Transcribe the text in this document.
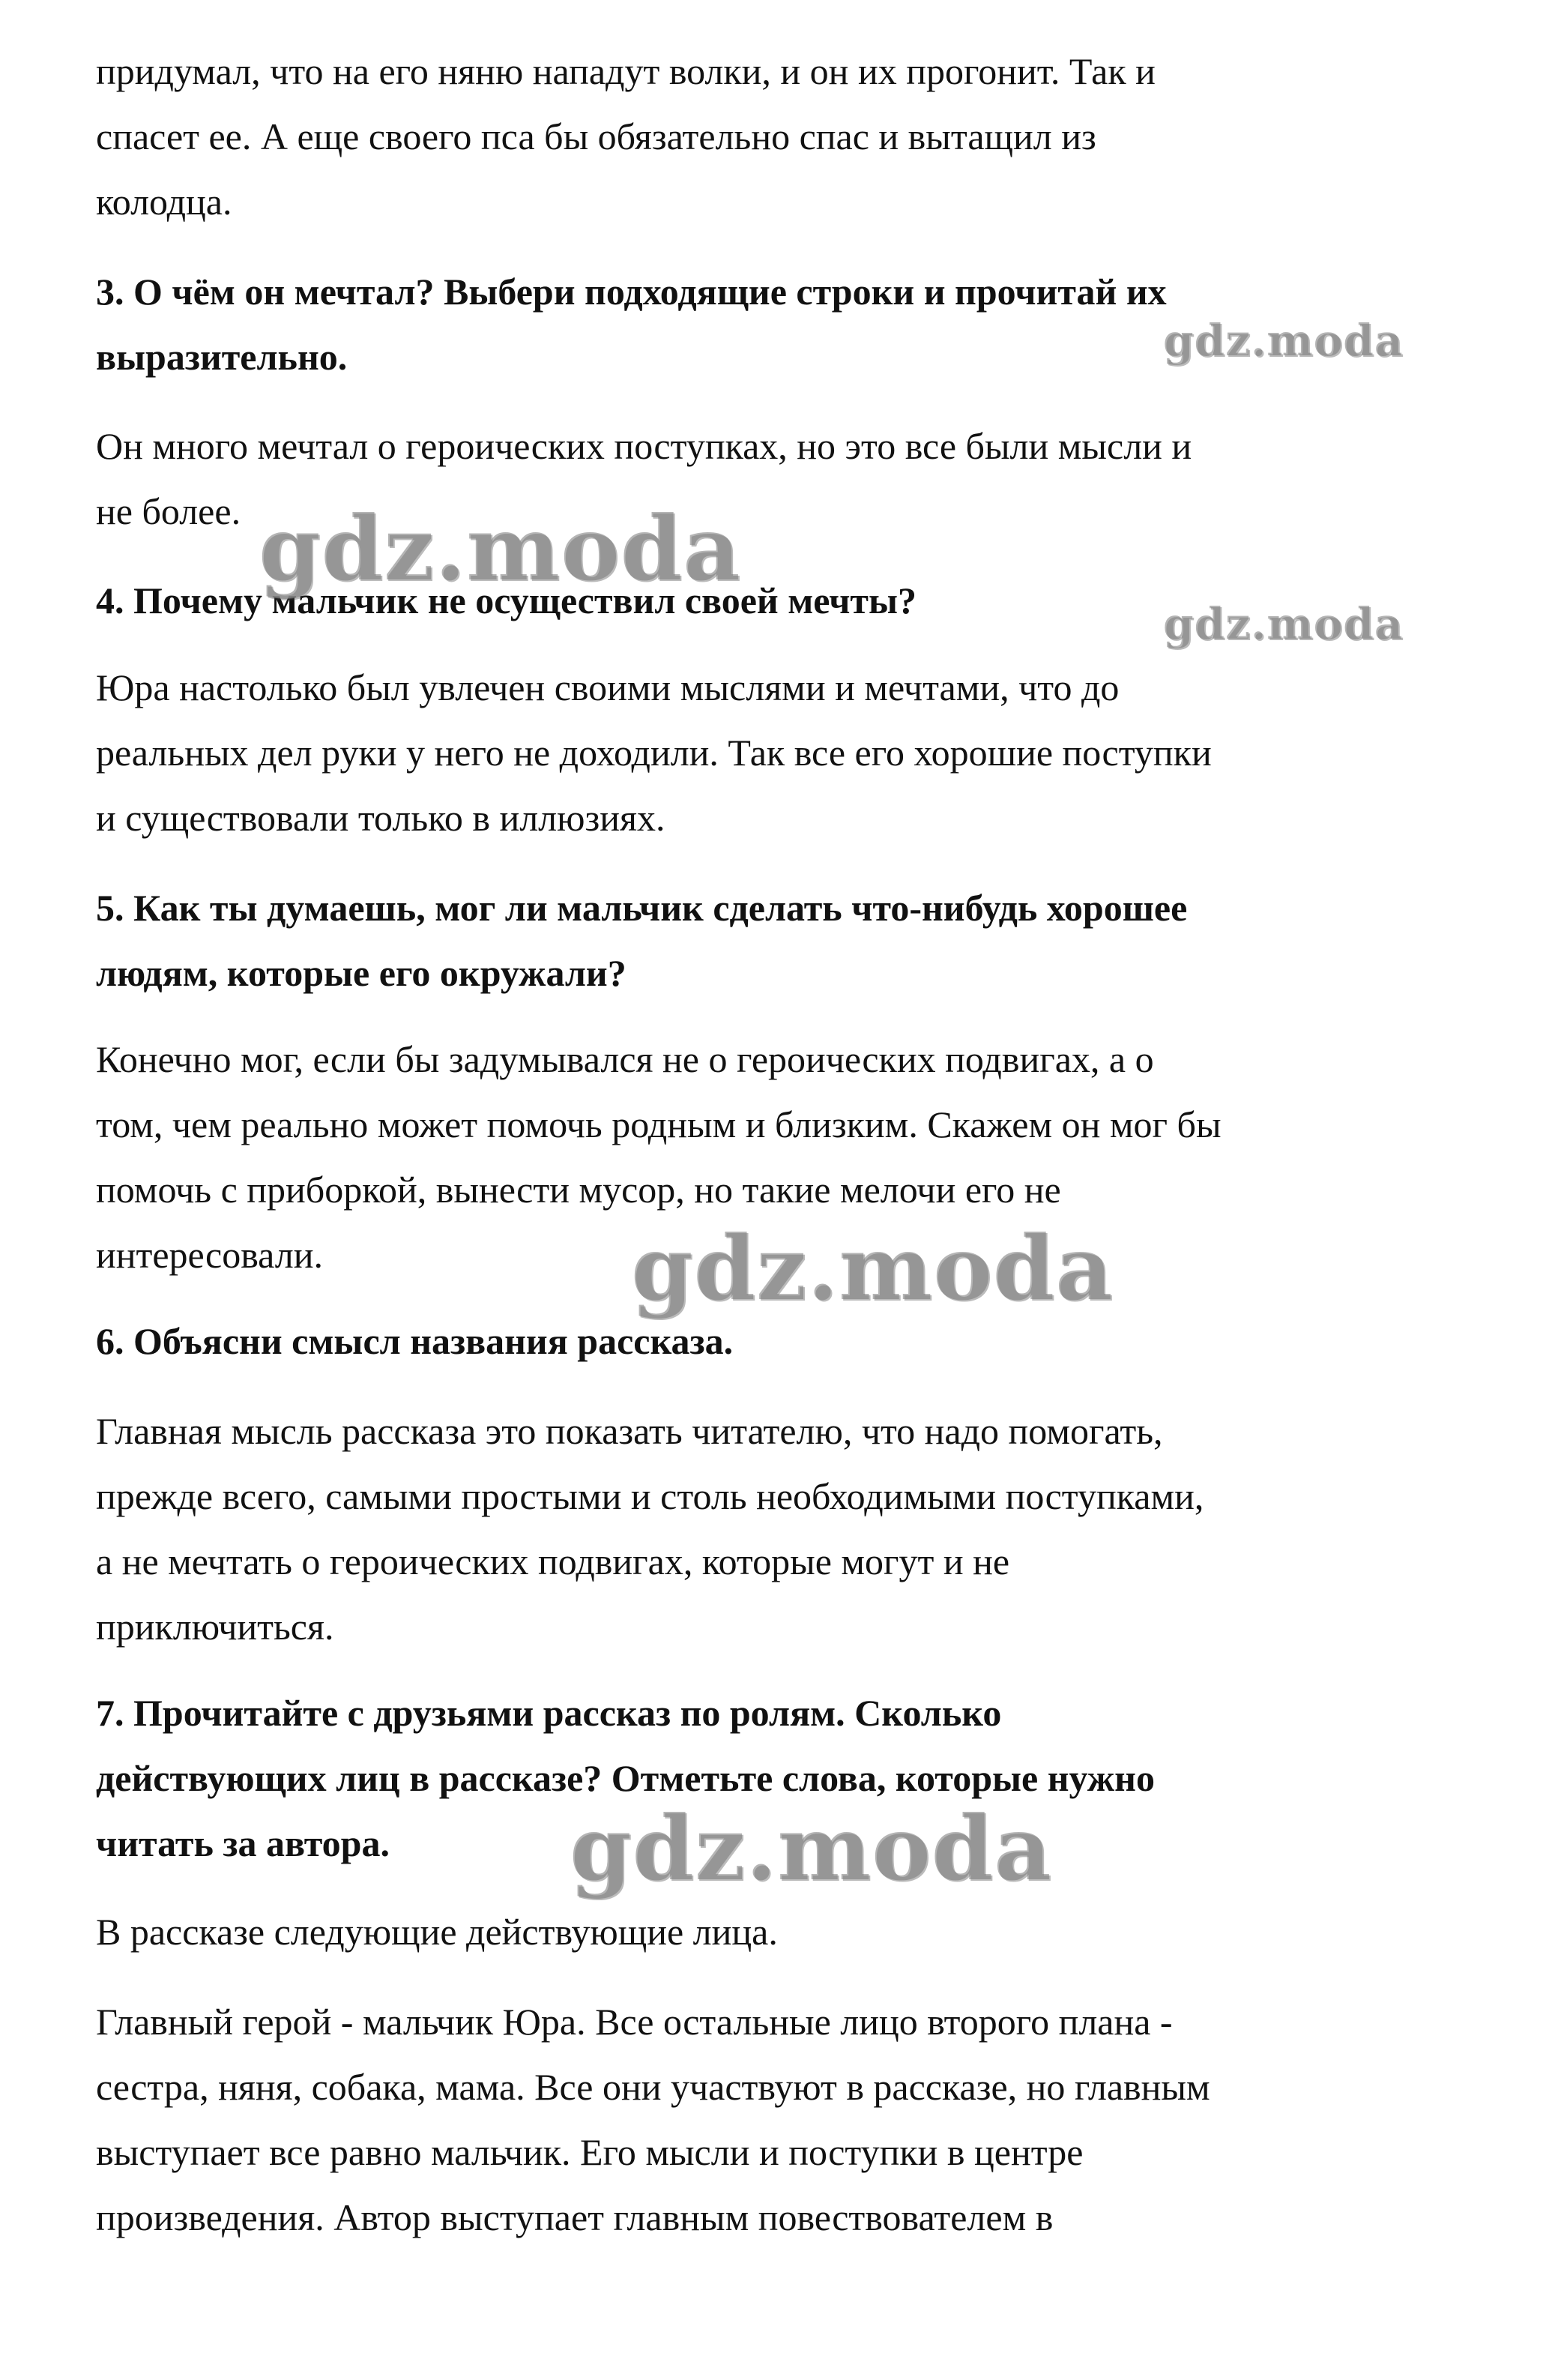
придумал, что на его няню нападут волки, и он их прогонит. Так и
спасет ее. А еще своего пса бы обязательно спас и вытащил из
колодца.
3. О чём он мечтал? Выбери подходящие строки и прочитай их
выразительно.
Он много мечтал о героических поступках, но это все были мысли и
не более.
4. Почему мальчик не осуществил своей мечты?
Юра настолько был увлечен своими мыслями и мечтами, что до
реальных дел руки у него не доходили. Так все его хорошие поступки
и существовали только в иллюзиях.
5. Как ты думаешь, мог ли мальчик сделать что-нибудь хорошее
людям, которые его окружали?
Конечно мог, если бы задумывался не о героических подвигах, а о
том, чем реально может помочь родным и близким. Скажем он мог бы
помочь с приборкой, вынести мусор, но такие мелочи его не
интересовали.
6. Объясни смысл названия рассказа.
Главная мысль рассказа это показать читателю, что надо помогать,
прежде всего, самыми простыми и столь необходимыми поступками,
а не мечтать о героических подвигах, которые могут и не
приключиться.
7. Прочитайте с друзьями рассказ по ролям. Сколько
действующих лиц в рассказе? Отметьте слова, которые нужно
читать за автора.
В рассказе следующие действующие лица.
Главный герой - мальчик Юра. Все остальные лицо второго плана -
сестра, няня, собака, мама. Все они участвуют в рассказе, но главным
выступает все равно мальчик. Его мысли и поступки в центре
произведения. Автор выступает главным повествователем в
gdz.moda
gdz.moda
gdz.moda
gdz.moda
gdz.moda
